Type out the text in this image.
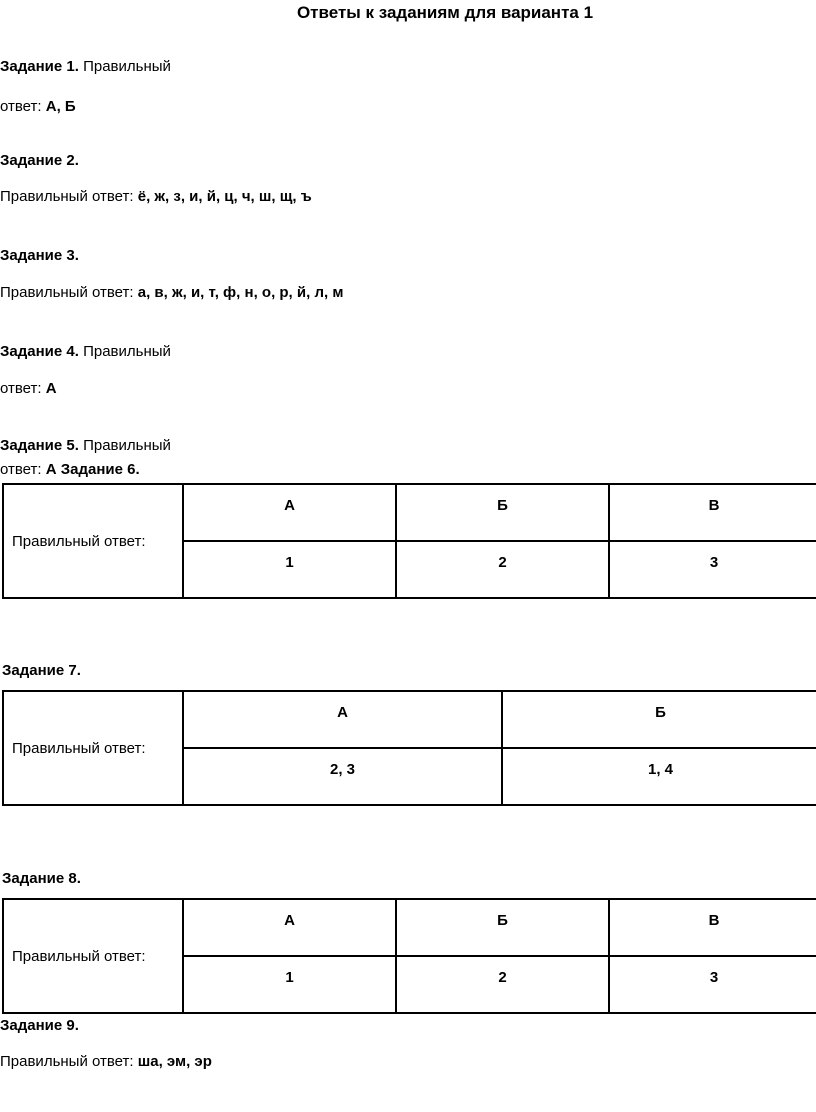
Ответы к заданиям для варианта 1
Задание 1. Правильный
ответ: А, Б
Задание 2.
Правильный ответ: ё, ж, з, и, й, ц, ч, ш, щ, ъ
Задание 3.
Правильный ответ: а, в, ж, и, т, ф, н, о, р, й, л, м
Задание 4. Правильный
ответ: А
Задание 5. Правильный
ответ: А Задание 6.
Правильный ответ:	А	Б	В
	1	2	3
Задание 7.
Правильный ответ:	А	Б
	2, 3	1, 4
Задание 8.
Правильный ответ:	А	Б	В
	1	2	3
Задание 9.
Правильный ответ: ша, эм, эр
